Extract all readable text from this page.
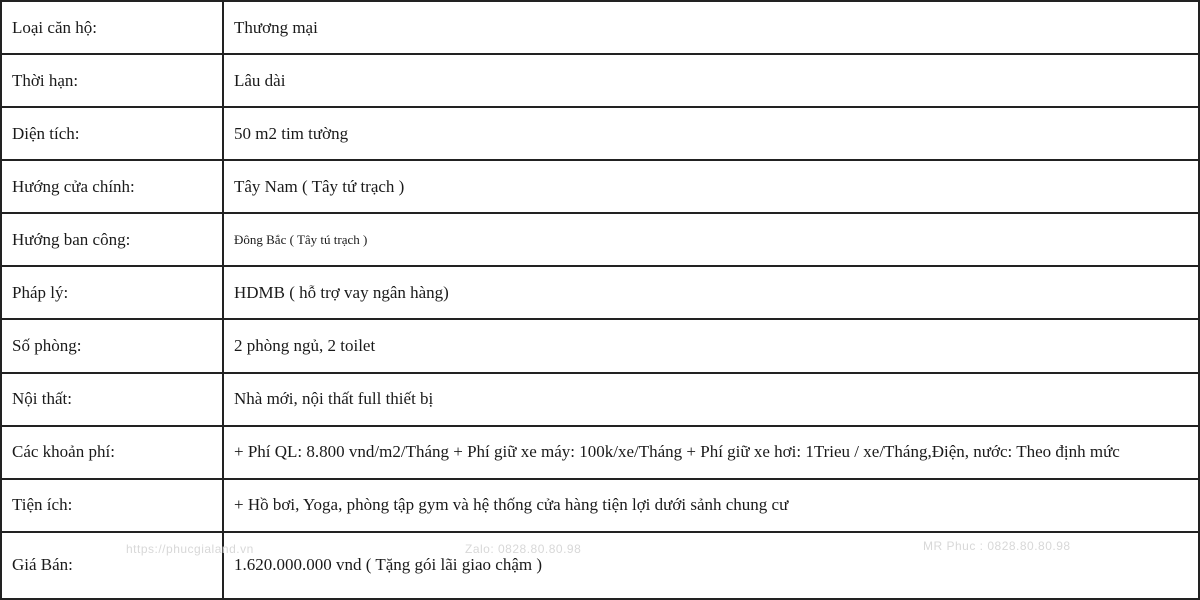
Loại căn hộ:	Thương mại
Thời hạn:	Lâu dài
Diện tích:	50 m2 tim tường
Hướng cửa chính:	Tây Nam ( Tây tứ trạch )
Hướng ban công:	Đông Bắc ( Tây tú trạch )
Pháp lý:	HDMB ( hỗ trợ vay ngân hàng)
Số phòng:	2 phòng ngủ, 2 toilet
Nội thất:	Nhà mới, nội thất full thiết bị
Các khoản phí:	+ Phí QL: 8.800 vnd/m2/Tháng + Phí giữ xe máy: 100k/xe/Tháng + Phí giữ xe hơi: 1Trieu / xe/Tháng,Điện, nước: Theo định mức
Tiện ích:	+ Hồ bơi, Yoga, phòng tập gym và hệ thống cửa hàng tiện lợi dưới sảnh chung cư
Giá Bán:	1.620.000.000 vnd ( Tặng gói lãi giao chậm )
https://phucgialand.vn	Zalo: 0828.80.80.98	MR Phuc : 0828.80.80.98
